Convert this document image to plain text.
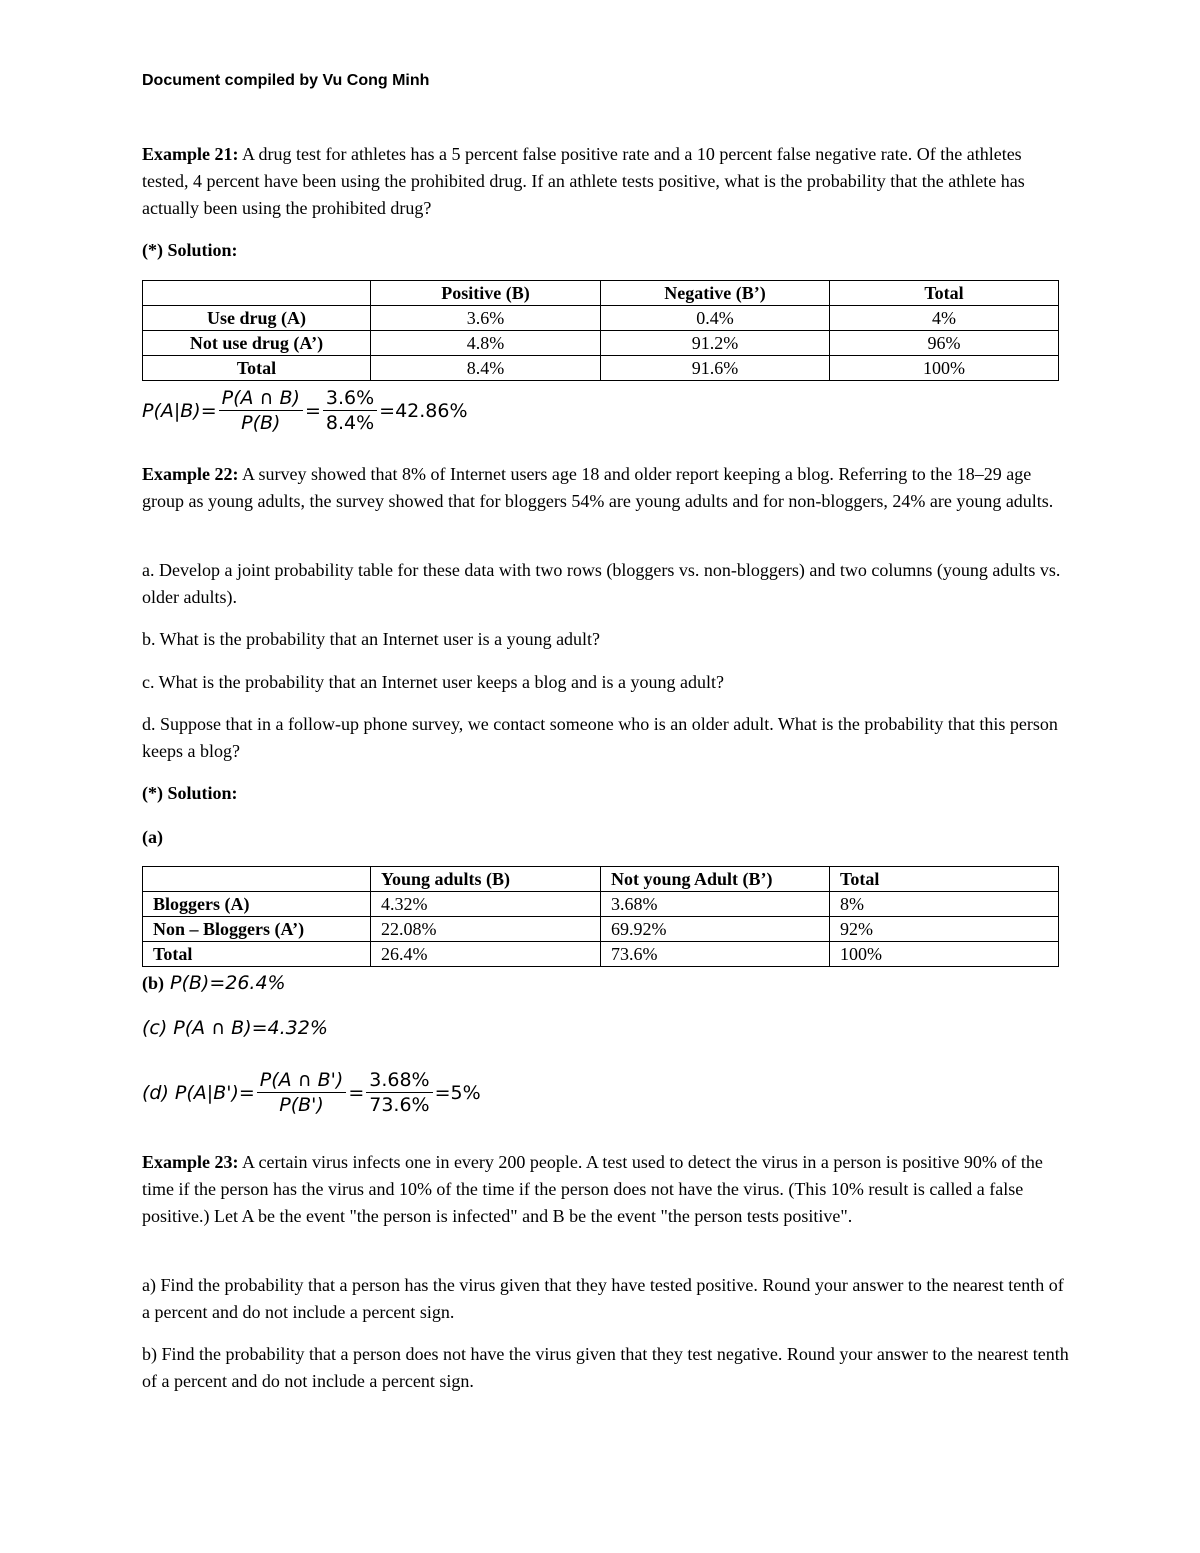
Document compiled by Vu Cong Minh
Example 21: A drug test for athletes has a 5 percent false positive rate and a 10 percent false negative rate. Of the athletes tested, 4 percent have been using the prohibited drug. If an athlete tests positive, what is the probability that the athlete has actually been using the prohibited drug?
(*) Solution:
	Positive (B)	Negative (B’)	Total
Use drug (A)	3.6%	0.4%	4%
Not use drug (A’)	4.8%	91.2%	96%
Total	8.4%	91.6%	100%
$P(A|B)= \frac{P(A \cap B)}{P(B)} = \frac{3.6\%}{8.4\%} =42.86\%$
Example 22: A survey showed that 8% of Internet users age 18 and older report keeping a blog. Referring to the 18–29 age group as young adults, the survey showed that for bloggers 54% are young adults and for non-bloggers, 24% are young adults.
a. Develop a joint probability table for these data with two rows (bloggers vs. non-bloggers) and two columns (young adults vs. older adults).
b. What is the probability that an Internet user is a young adult?
c. What is the probability that an Internet user keeps a blog and is a young adult?
d. Suppose that in a follow-up phone survey, we contact someone who is an older adult. What is the probability that this person keeps a blog?
(*) Solution:
(a)
	Young adults (B)	Not young Adult (B’)	Total
Bloggers (A)	4.32%	3.68%	8%
Non – Bloggers (A’)	22.08%	69.92%	92%
Total	26.4%	73.6%	100%
(b) P(B)=26.4%
(c) P(A ∩ B)=4.32%
(d) $P(A|B')= \frac{P(A \cap B')}{P(B')} = \frac{3.68\%}{73.6\%} =5\%$
Example 23: A certain virus infects one in every 200 people. A test used to detect the virus in a person is positive 90% of the time if the person has the virus and 10% of the time if the person does not have the virus. (This 10% result is called a false positive.) Let A be the event "the person is infected" and B be the event "the person tests positive".
a) Find the probability that a person has the virus given that they have tested positive. Round your answer to the nearest tenth of a percent and do not include a percent sign.
b) Find the probability that a person does not have the virus given that they test negative. Round your answer to the nearest tenth of a percent and do not include a percent sign.
